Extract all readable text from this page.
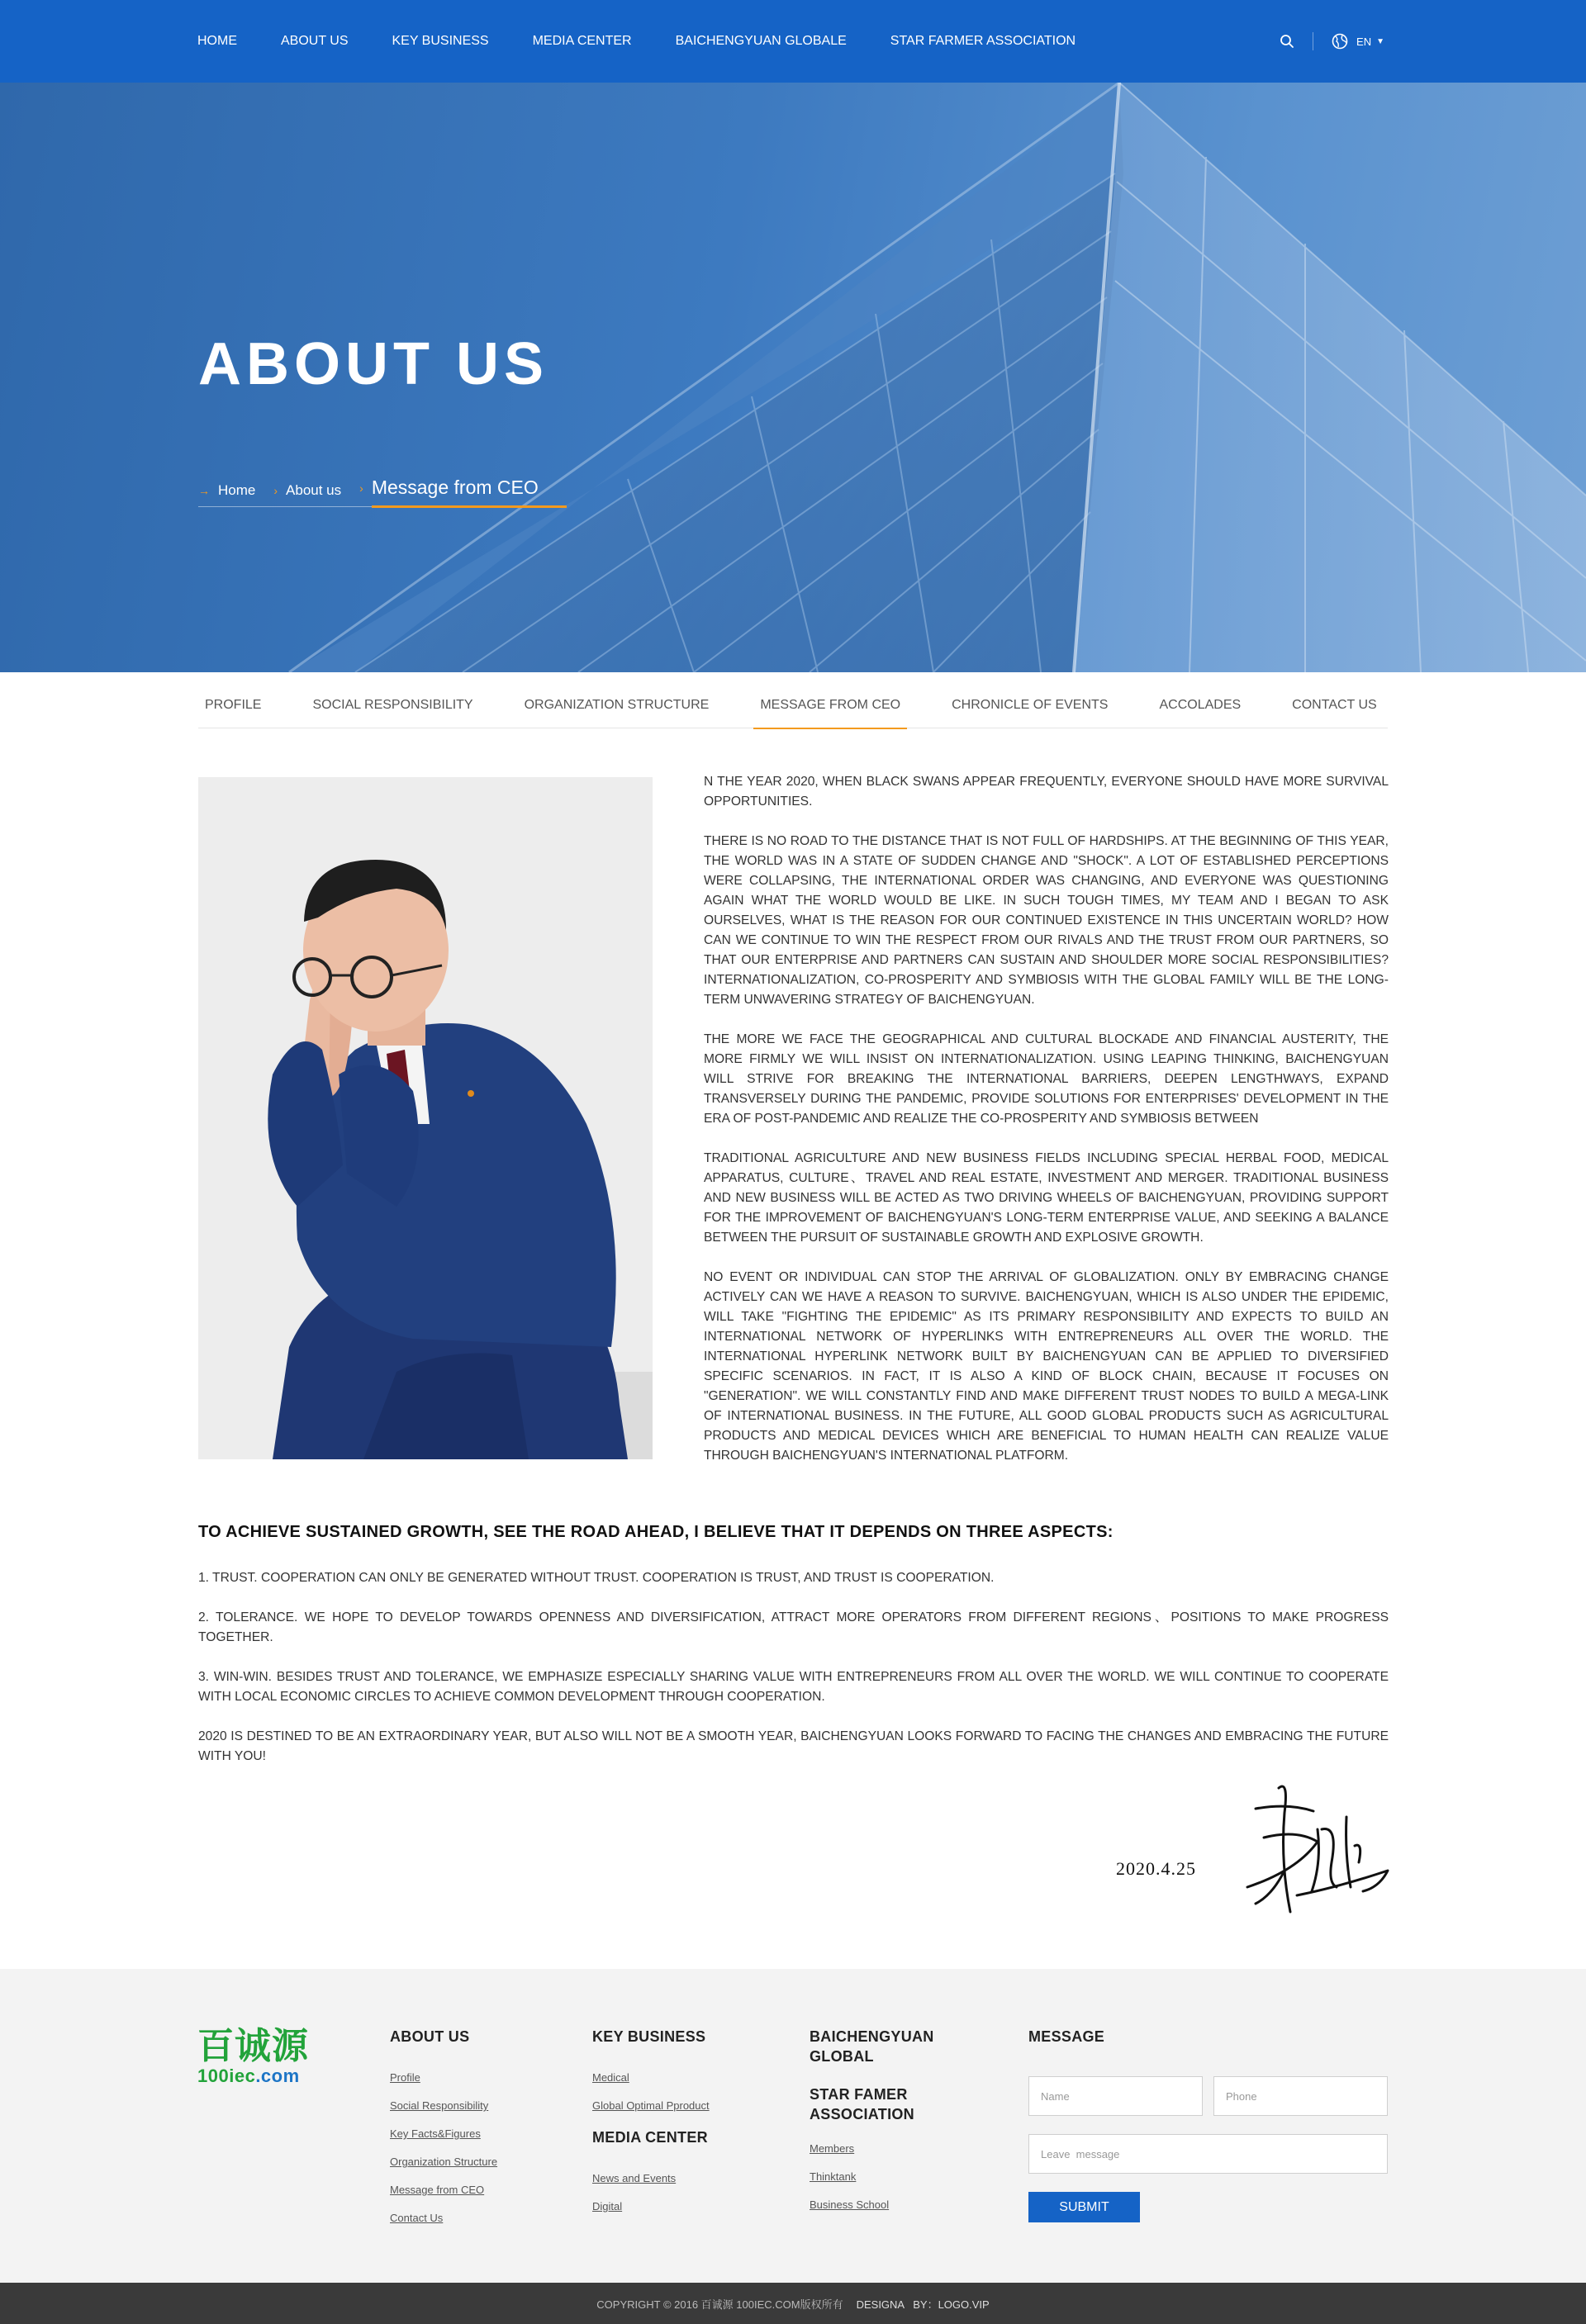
HOME	ABOUT US	KEY BUSINESS	MEDIA CENTER	BAICHENGYUAN GLOBALE	STAR FARMER ASSOCIATION	EN ▼
ABOUT US
→ Home › About us › Message from CEO
PROFILE	SOCIAL RESPONSIBILITY	ORGANIZATION STRUCTURE	MESSAGE FROM CEO	CHRONICLE OF EVENTS	ACCOLADES	CONTACT US

N THE YEAR 2020, WHEN BLACK SWANS APPEAR FREQUENTLY, EVERYONE SHOULD HAVE MORE SURVIVAL OPPORTUNITIES.

THERE IS NO ROAD TO THE DISTANCE THAT IS NOT FULL OF HARDSHIPS. AT THE BEGINNING OF THIS YEAR, THE WORLD WAS IN A STATE OF SUDDEN CHANGE AND "SHOCK". A LOT OF ESTABLISHED PERCEPTIONS WERE COLLAPSING, THE INTERNATIONAL ORDER WAS CHANGING, AND EVERYONE WAS QUESTIONING AGAIN WHAT THE WORLD WOULD BE LIKE. IN SUCH TOUGH TIMES, MY TEAM AND I BEGAN TO ASK OURSELVES, WHAT IS THE REASON FOR OUR CONTINUED EXISTENCE IN THIS UNCERTAIN WORLD? HOW CAN WE CONTINUE TO WIN THE RESPECT FROM OUR RIVALS AND THE TRUST FROM OUR PARTNERS, SO THAT OUR ENTERPRISE AND PARTNERS CAN SUSTAIN AND SHOULDER MORE SOCIAL RESPONSIBILITIES? INTERNATIONALIZATION, CO-PROSPERITY AND SYMBIOSIS WITH THE GLOBAL FAMILY WILL BE THE LONG-TERM UNWAVERING STRATEGY OF BAICHENGYUAN.

THE MORE WE FACE THE GEOGRAPHICAL AND CULTURAL BLOCKADE AND FINANCIAL AUSTERITY, THE MORE FIRMLY WE WILL INSIST ON INTERNATIONALIZATION. USING LEAPING THINKING, BAICHENGYUAN WILL STRIVE FOR BREAKING THE INTERNATIONAL BARRIERS, DEEPEN LENGTHWAYS, EXPAND TRANSVERSELY DURING THE PANDEMIC, PROVIDE SOLUTIONS FOR ENTERPRISES' DEVELOPMENT IN THE ERA OF POST-PANDEMIC AND REALIZE THE CO-PROSPERITY AND SYMBIOSIS BETWEEN

TRADITIONAL AGRICULTURE AND NEW BUSINESS FIELDS INCLUDING SPECIAL HERBAL FOOD, MEDICAL APPARATUS, CULTURE、TRAVEL AND REAL ESTATE, INVESTMENT AND MERGER. TRADITIONAL BUSINESS AND NEW BUSINESS WILL BE ACTED AS TWO DRIVING WHEELS OF BAICHENGYUAN, PROVIDING SUPPORT FOR THE IMPROVEMENT OF BAICHENGYUAN'S LONG-TERM ENTERPRISE VALUE, AND SEEKING A BALANCE BETWEEN THE PURSUIT OF SUSTAINABLE GROWTH AND EXPLOSIVE GROWTH.

NO EVENT OR INDIVIDUAL CAN STOP THE ARRIVAL OF GLOBALIZATION. ONLY BY EMBRACING CHANGE ACTIVELY CAN WE HAVE A REASON TO SURVIVE. BAICHENGYUAN, WHICH IS ALSO UNDER THE EPIDEMIC, WILL TAKE "FIGHTING THE EPIDEMIC" AS ITS PRIMARY RESPONSIBILITY AND EXPECTS TO BUILD AN INTERNATIONAL NETWORK OF HYPERLINKS WITH ENTREPRENEURS ALL OVER THE WORLD. THE INTERNATIONAL HYPERLINK NETWORK BUILT BY BAICHENGYUAN CAN BE APPLIED TO DIVERSIFIED SPECIFIC SCENARIOS. IN FACT, IT IS ALSO A KIND OF BLOCK CHAIN, BECAUSE IT FOCUSES ON "GENERATION". WE WILL CONSTANTLY FIND AND MAKE DIFFERENT TRUST NODES TO BUILD A MEGA-LINK OF INTERNATIONAL BUSINESS. IN THE FUTURE, ALL GOOD GLOBAL PRODUCTS SUCH AS AGRICULTURAL PRODUCTS AND MEDICAL DEVICES WHICH ARE BENEFICIAL TO HUMAN HEALTH CAN REALIZE VALUE THROUGH BAICHENGYUAN'S INTERNATIONAL PLATFORM.

TO ACHIEVE SUSTAINED GROWTH, SEE THE ROAD AHEAD, I BELIEVE THAT IT DEPENDS ON THREE ASPECTS:

1. TRUST. COOPERATION CAN ONLY BE GENERATED WITHOUT TRUST. COOPERATION IS TRUST, AND TRUST IS COOPERATION.

2. TOLERANCE. WE HOPE TO DEVELOP TOWARDS OPENNESS AND DIVERSIFICATION, ATTRACT MORE OPERATORS FROM DIFFERENT REGIONS、POSITIONS TO MAKE PROGRESS TOGETHER.

3. WIN-WIN. BESIDES TRUST AND TOLERANCE, WE EMPHASIZE ESPECIALLY SHARING VALUE WITH ENTREPRENEURS FROM ALL OVER THE WORLD. WE WILL CONTINUE TO COOPERATE WITH LOCAL ECONOMIC CIRCLES TO ACHIEVE COMMON DEVELOPMENT THROUGH COOPERATION.

2020 IS DESTINED TO BE AN EXTRAORDINARY YEAR, BUT ALSO WILL NOT BE A SMOOTH YEAR, BAICHENGYUAN LOOKS FORWARD TO FACING THE CHANGES AND EMBRACING THE FUTURE WITH YOU!

2020.4.25
百诚源
100iec.com
ABOUT US
Profile
Social Responsibility
Key Facts&Figures
Organization Structure
Message from CEO
Contact Us
KEY BUSINESS
Medical
Global Optimal Pproduct
MEDIA CENTER
News and Events
Digital
BAICHENGYUAN
GLOBAL
STAR FAMER
ASSOCIATION
Members
Thinktank
Business School
MESSAGE
Name
Phone
Leave message
SUBMIT
COPYRIGHT © 2016 百诚源 100IEC.COM版权所有 DESIGNA   BY：LOGO.VIP
